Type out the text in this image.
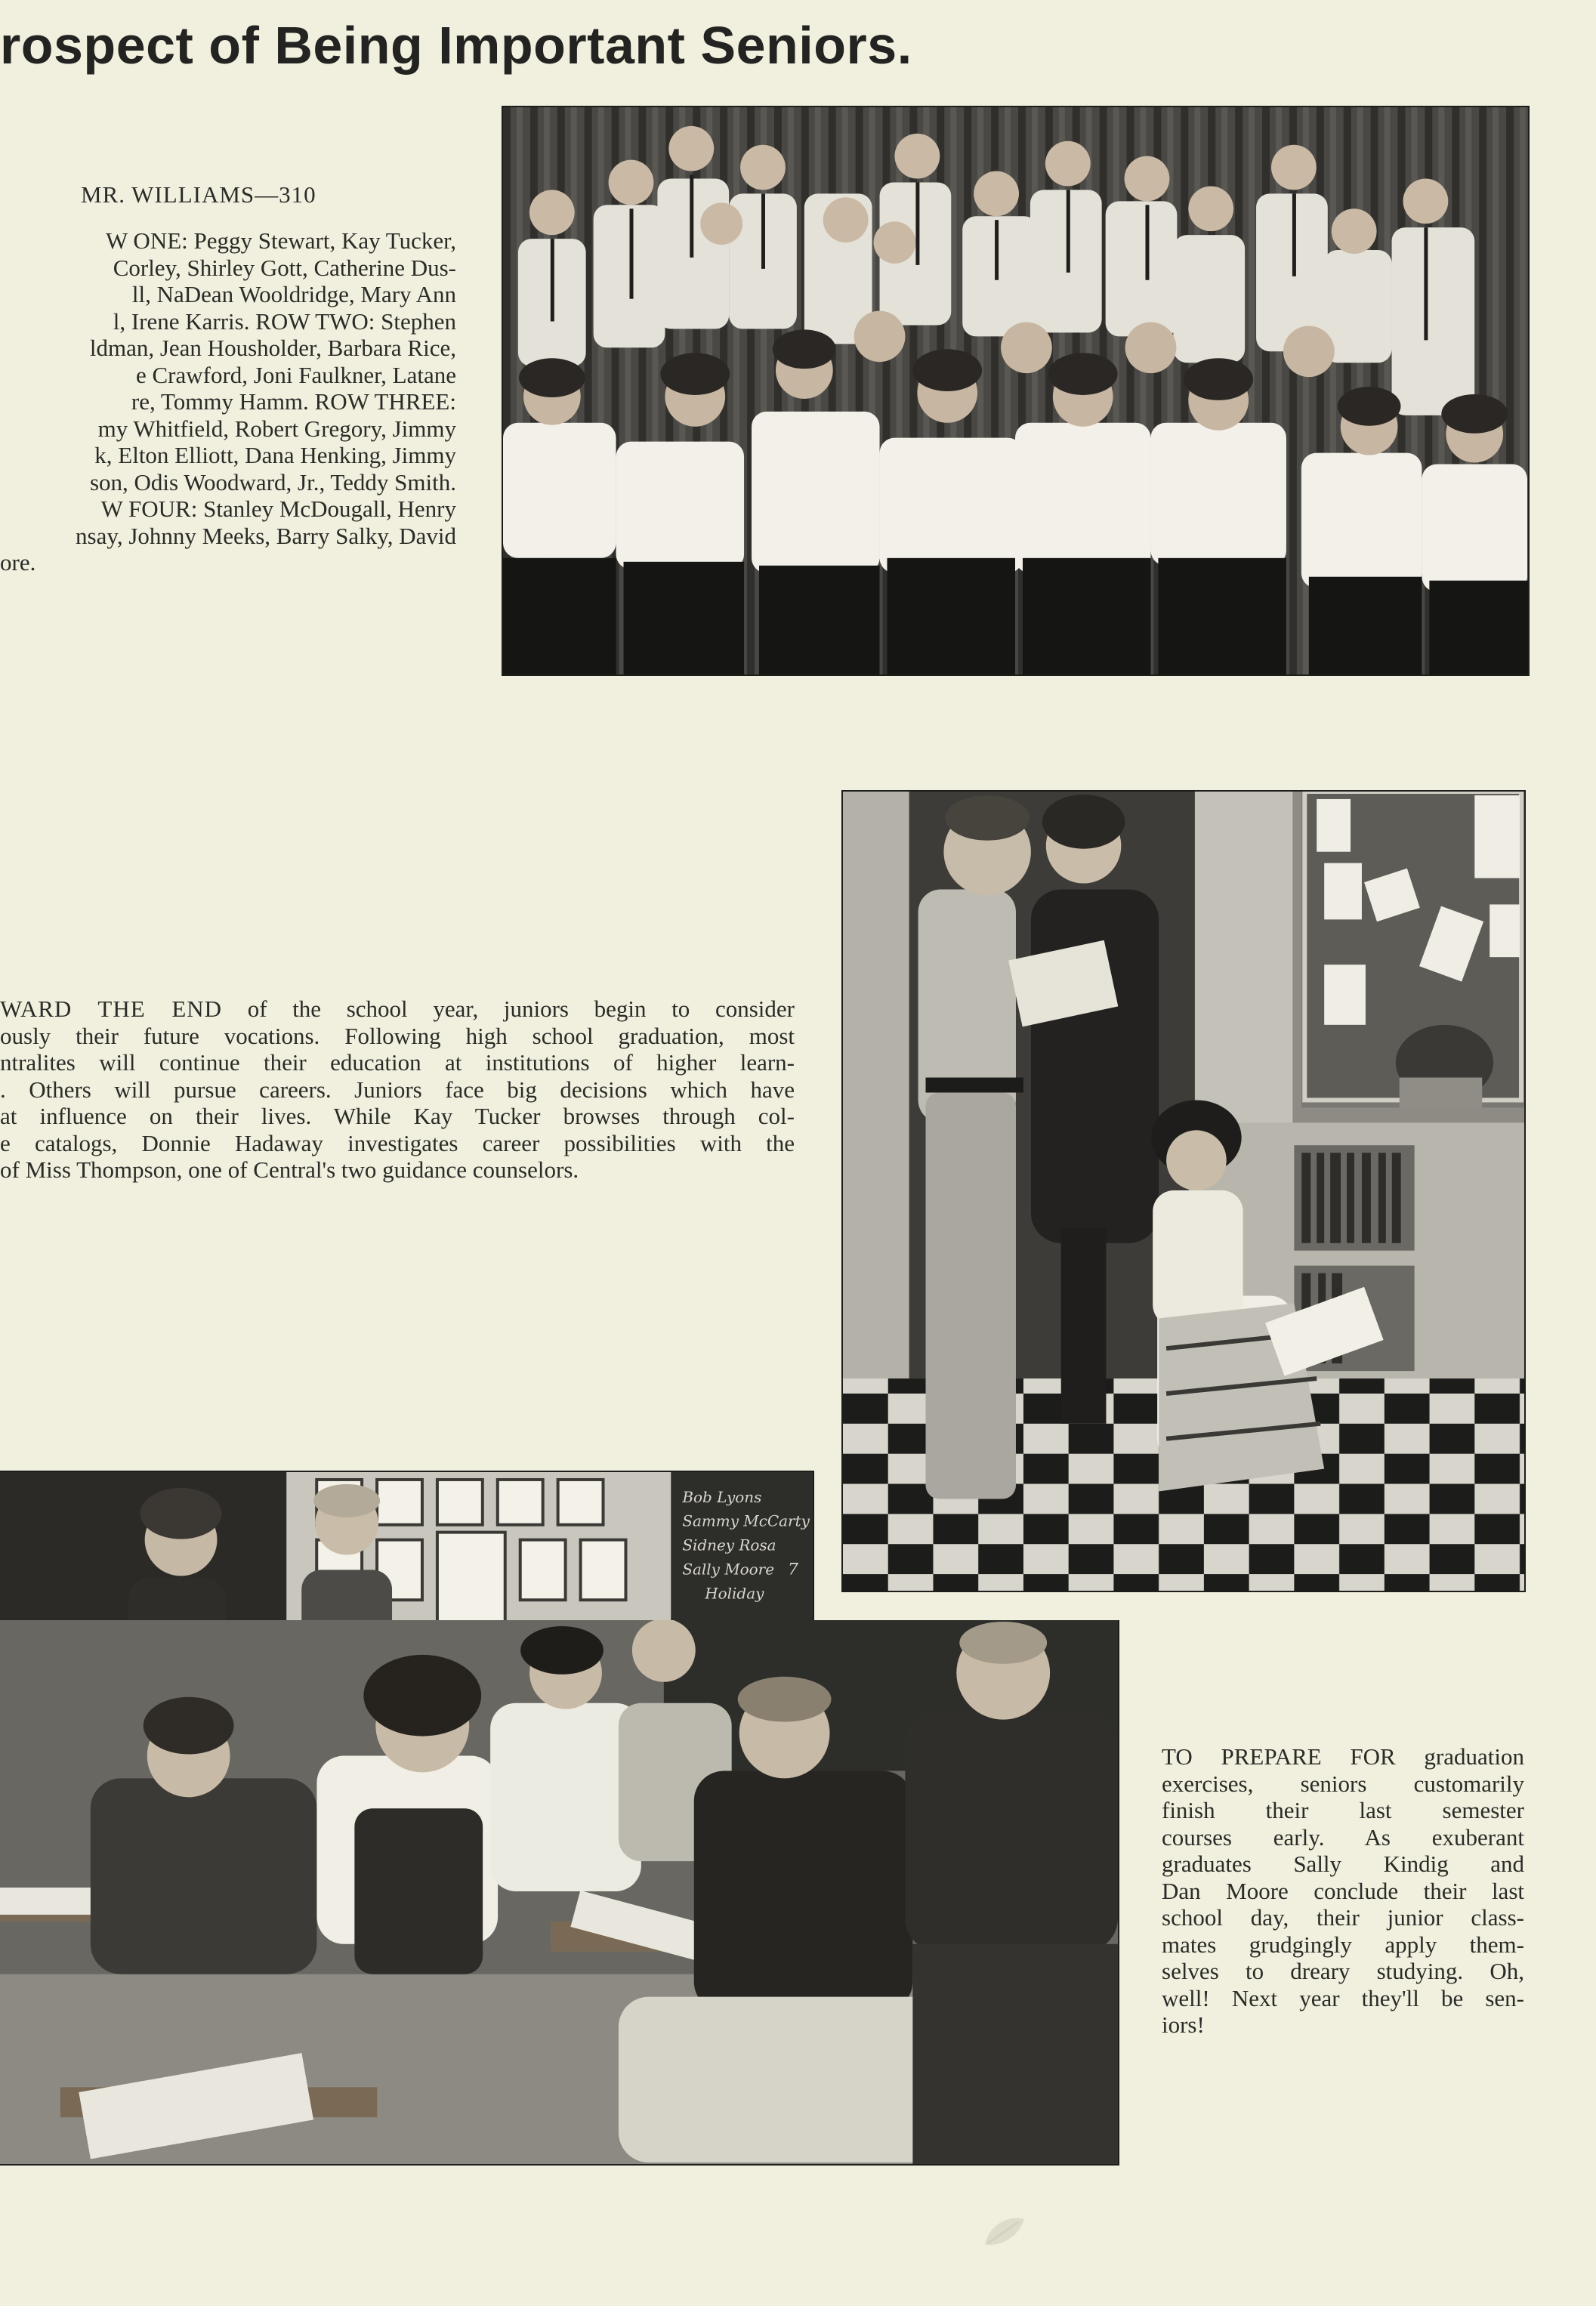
rospect of Being Important Seniors.
MR. WILLIAMS—310
W ONE: Peggy Stewart, Kay Tucker,
Corley, Shirley Gott, Catherine Dus-
ll, NaDean Wooldridge, Mary Ann
l, Irene Karris. ROW TWO: Stephen
ldman, Jean Housholder, Barbara Rice,
e Crawford, Joni Faulkner, Latane
re, Tommy Hamm. ROW THREE:
my Whitfield, Robert Gregory, Jimmy
k, Elton Elliott, Dana Henking, Jimmy
son, Odis Woodward, Jr., Teddy Smith.
W FOUR: Stanley McDougall, Henry
nsay, Johnny Meeks, Barry Salky, David
ore.
WARD THE END of the school year, juniors begin to consider
ously their future vocations. Following high school graduation, most
ntralites will continue their education at institutions of higher learn-
. Others will pursue careers. Juniors face big decisions which have
at influence on their lives. While Kay Tucker browses through col-
e catalogs, Donnie Hadaway investigates career possibilities with the
of Miss Thompson, one of Central's two guidance counselors.
Bob Lyons
Sammy McCarty
Sidney Rosa
Sally Moore
Holiday
7
TO PREPARE FOR graduation
exercises, seniors customarily
finish their last semester
courses early. As exuberant
graduates Sally Kindig and
Dan Moore conclude their last
school day, their junior class-
mates grudgingly apply them-
selves to dreary studying. Oh,
well! Next year they'll be sen-
iors!
